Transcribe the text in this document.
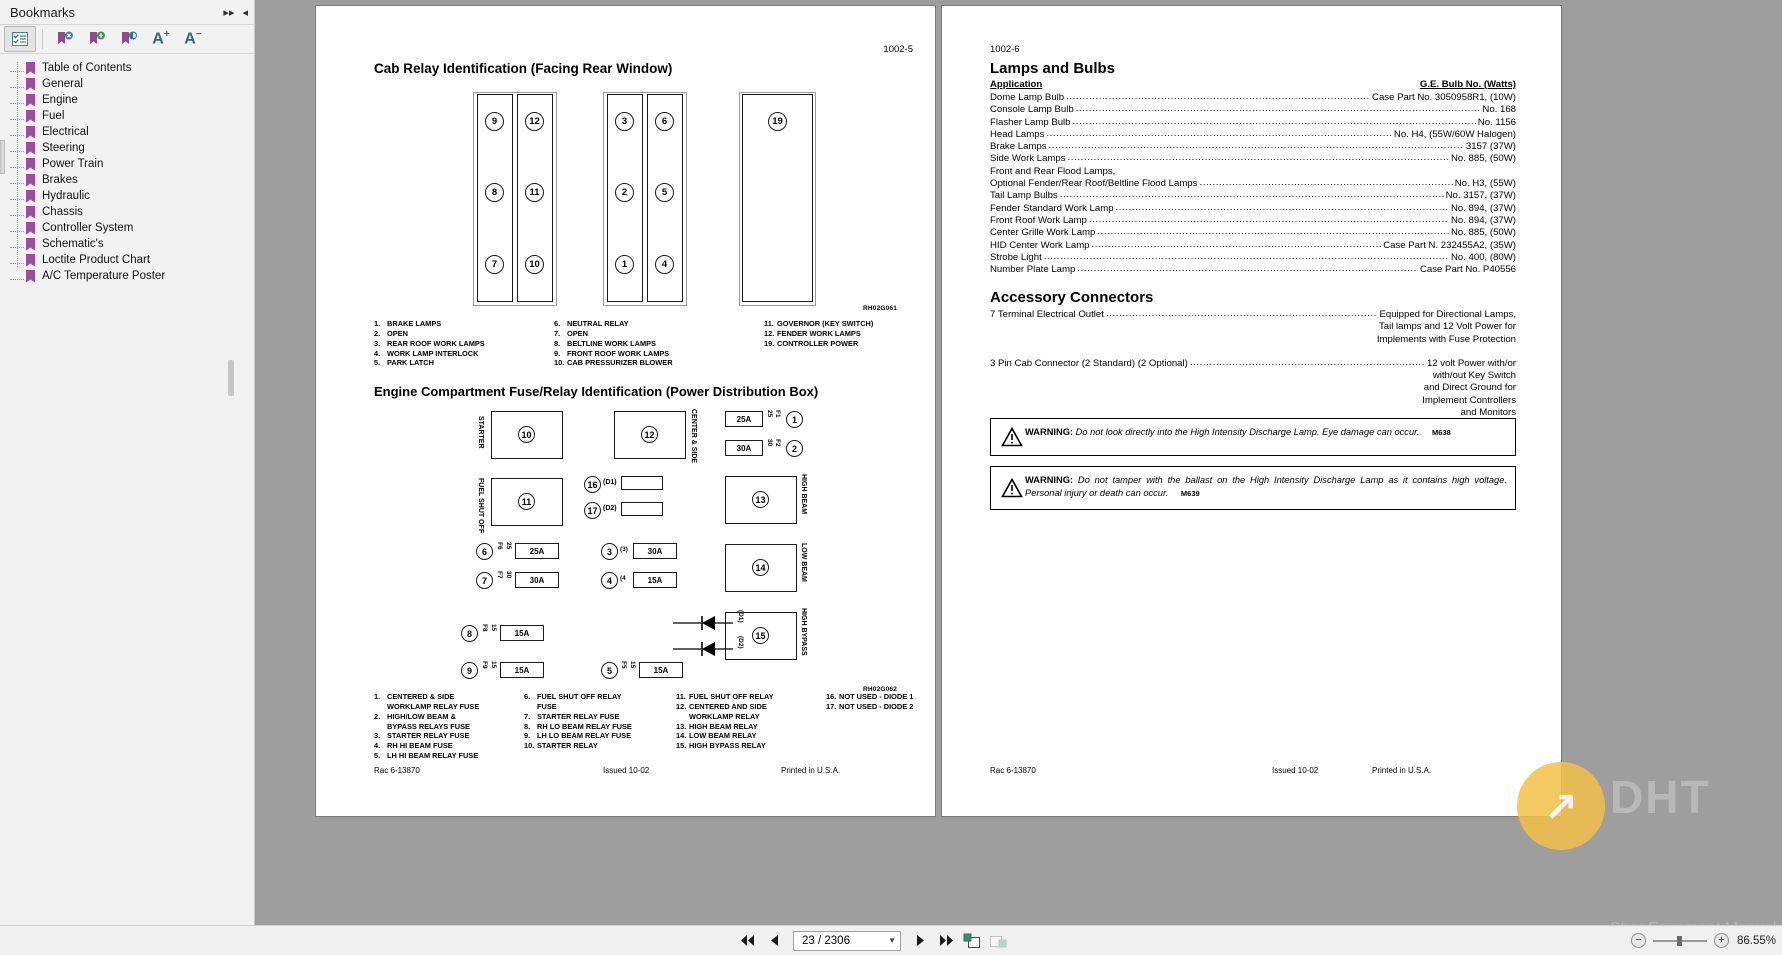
Bookmarks	▸▸ ◂
A+ A−
Table of Contents
General
Engine
Fuel
Electrical
Steering
Power Train
Brakes
Hydraulic
Chassis
Controller System
Schematic's
Loctite Product Chart
A/C Temperature Poster
1002-5
Cab Relay Identification (Facing Rear Window)
9	12
8	11
7	10
3	6
2	5
1	4
19
RH02G061
1. BRAKE LAMPS
2. OPEN
3. REAR ROOF WORK LAMPS
4. WORK LAMP INTERLOCK
5. PARK LATCH
6. NEUTRAL RELAY
7. OPEN
8. BELTLINE WORK LAMPS
9. FRONT ROOF WORK LAMPS
10. CAB PRESSURIZER BLOWER
11. GOVERNOR (KEY SWITCH)
12. FENDER WORK LAMPS
19. CONTROLLER POWER
Engine Compartment Fuse/Relay Identification (Power Distribution Box)
STARTER	10
FUEL SHUT OFF	11
12	CENTER & SIDE
16 (D1)
17 (D2)
25A
25 F1
1
30A
30 F2
2
13	HIGH BEAM
14	LOW BEAM
15	HIGH BYPASS
6
F6 25
25A
7
F7 30
30A
8
F8 15
15A
9
F9 15
15A
3	(3)	30A
4	(4	15A
5
F5 15
15A
(D1)
(D2)
RH02G062
1. CENTERED & SIDE
WORKLAMP RELAY FUSE
2. HIGH/LOW BEAM &
BYPASS RELAYS FUSE
3. STARTER RELAY FUSE
4. RH HI BEAM FUSE
5. LH HI BEAM RELAY FUSE
6. FUEL SHUT OFF RELAY
FUSE
7. STARTER RELAY FUSE
8. RH LO BEAM RELAY FUSE
9. LH LO BEAM RELAY FUSE
10. STARTER RELAY
11. FUEL SHUT OFF RELAY
12. CENTERED AND SIDE
WORKLAMP RELAY
13. HIGH BEAM RELAY
14. LOW BEAM RELAY
15. HIGH BYPASS RELAY
16. NOT USED - DIODE 1
17. NOT USED - DIODE 2
Rac 6-13870	Issued 10-02	Printed in U.S.A.
1002-6
Lamps and Bulbs
Application	G.E. Bulb No. (Watts)
Dome Lamp Bulb .....	Case Part No. 3050958R1, (10W)
Console Lamp Bulb .....	No. 168
Flasher Lamp Bulb .....	No. 1156
Head Lamps .....	No. H4, (55W/60W Halogen)
Brake Lamps .....	3157 (37W)
Side Work Lamps .....	No. 885, (50W)
Front and Rear Flood Lamps,
Optional Fender/Rear Roof/Beltline Flood Lamps .....	No. H3, (55W)
Tail Lamp Bulbs .....	No. 3157, (37W)
Fender Standard Work Lamp .....	No. 894, (37W)
Front Roof Work Lamp .....	No. 894, (37W)
Center Grille Work Lamp .....	No. 885, (50W)
HID Center Work Lamp .....	Case Part N. 232455A2, (35W)
Strobe Light .....	No. 400, (80W)
Number Plate Lamp .....	Case Part No. P40556
Accessory Connectors
7 Terminal Electrical Outlet .....	Equipped for Directional Lamps,
Tail lamps and 12 Volt Power for
Implements with Fuse Protection
3 Pin Cab Connector (2 Standard) (2 Optional) .....	12 volt Power with/or
with/out Key Switch
and Direct Ground for
Implement Controllers
and Monitors
WARNING: Do not look directly into the High Intensity Discharge Lamp. Eye damage can occur. M638
WARNING: Do not tamper with the ballast on the High Intensity Discharge Lamp as it contains high voltage. Personal injury or death can occur. M639
Rac 6-13870	Issued 10-02	Printed in U.S.A.
↗ DHT
23 / 2306	▼	−	+	86.55%
